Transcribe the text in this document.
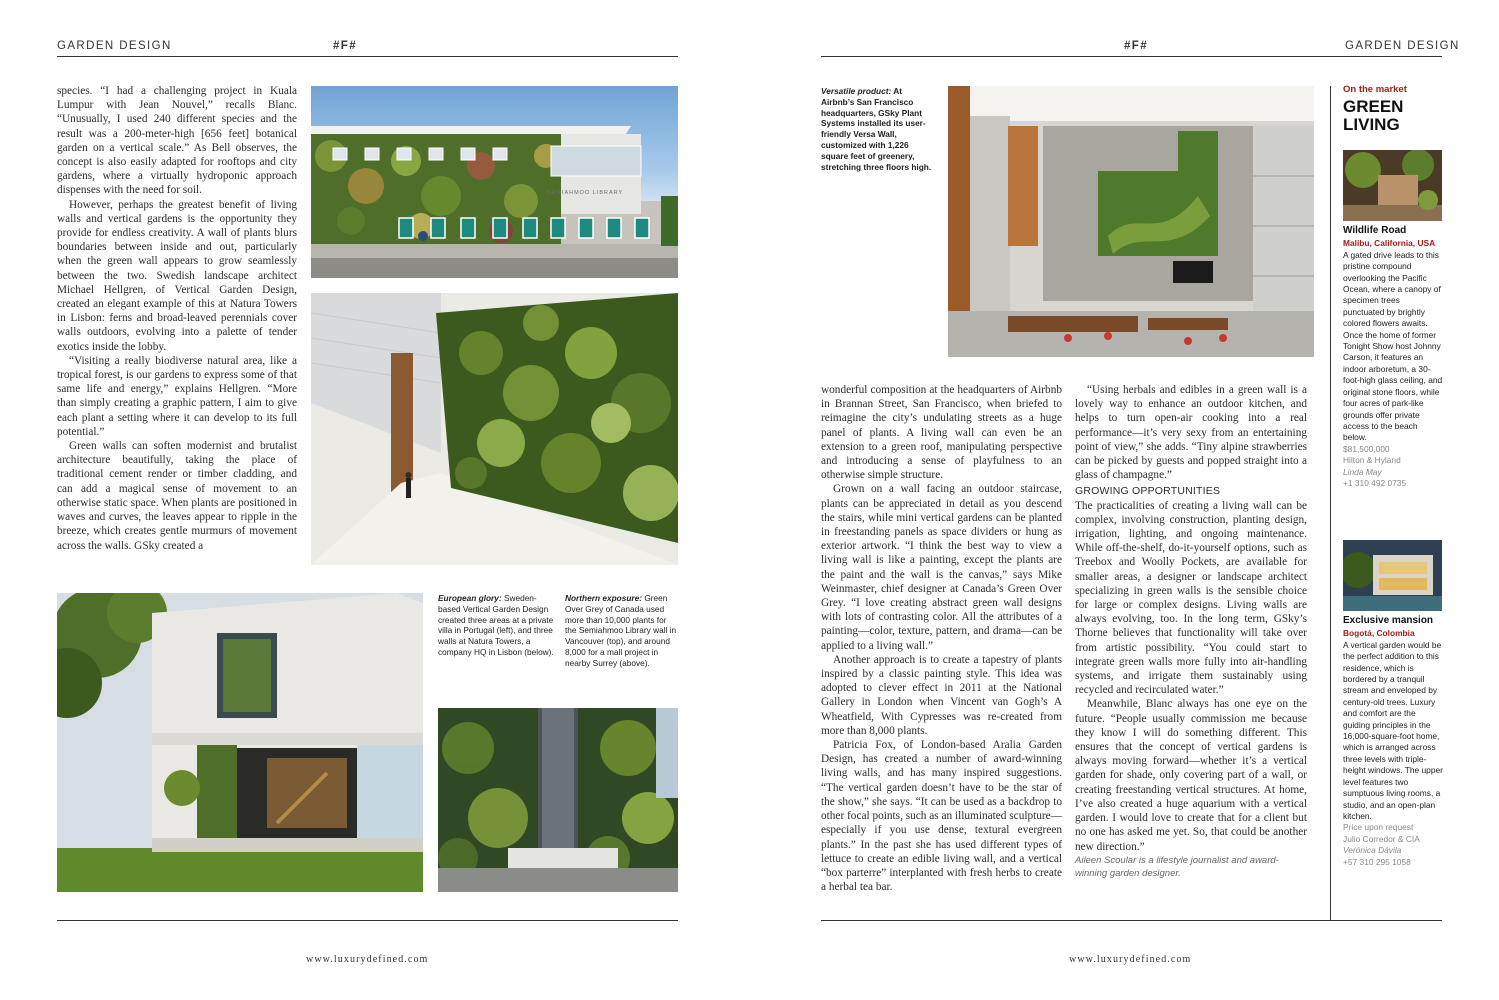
GARDEN DESIGN	#F#	#F#	GARDEN DESIGN

species. “I had a challenging project in Kuala Lumpur with Jean Nouvel,” recalls Blanc. “Unusually, I used 240 different species and the result was a 200-meter-high [656 feet] botanical garden on a vertical scale.” As Bell observes, the concept is also easily adapted for rooftops and city gardens, where a virtually hydroponic approach dispenses with the need for soil.

However, perhaps the greatest benefit of living walls and vertical gardens is the opportunity they provide for endless creativity. A wall of plants blurs boundaries between inside and out, particularly when the green wall appears to grow seamlessly between the two. Swedish landscape architect Michael Hellgren, of Vertical Garden Design, created an elegant example of this at Natura Towers in Lisbon: ferns and broad-leaved perennials cover walls outdoors, evolving into a palette of tender exotics inside the lobby.

“Visiting a really biodiverse natural area, like a tropical forest, is our gardens to express some of that same life and energy,” explains Hellgren. “More than simply creating a graphic pattern, I aim to give each plant a setting where it can develop to its full potential.”

Green walls can soften modernist and brutalist architecture beautifully, taking the place of traditional cement render or timber cladding, and can add a magical sense of movement to an otherwise static space. When plants are positioned in waves and curves, the leaves appear to ripple in the breeze, which creates gentle murmurs of movement across the walls. GSky created a

SEMIAHMOO LIBRARY
European glory: Sweden-based Vertical Garden Design created three areas at a private villa in Portugal (left), and three walls at Natura Towers, a company HQ in Lisbon (below).
Northern exposure: Green Over Grey of Canada used more than 10,000 plants for the Semiahmoo Library wall in Vancouver (top), and around 8,000 for a mall project in nearby Surrey (above).
www.luxurydefined.com
Versatile product: At Airbnb’s San Francisco headquarters, GSky Plant Systems installed its user-friendly Versa Wall, customized with 1,226 square feet of greenery, stretching three floors high.

wonderful composition at the headquarters of Airbnb in Brannan Street, San Francisco, when briefed to reimagine the city’s undulating streets as a huge panel of plants. A living wall can even be an extension to a green roof, manipulating perspective and introducing a sense of playfulness to an otherwise simple structure.

Grown on a wall facing an outdoor staircase, plants can be appreciated in detail as you descend the stairs, while mini vertical gardens can be planted in freestanding panels as space dividers or hung as exterior artwork. “I think the best way to view a living wall is like a painting, except the plants are the paint and the wall is the canvas,” says Mike Weinmaster, chief designer at Canada’s Green Over Grey. “I love creating abstract green wall designs with lots of contrasting color. All the attributes of a painting—color, texture, pattern, and drama—can be applied to a living wall.”

Another approach is to create a tapestry of plants inspired by a classic painting style. This idea was adopted to clever effect in 2011 at the National Gallery in London when Vincent van Gogh’s A Wheatfield, With Cypresses was re-created from more than 8,000 plants.

Patricia Fox, of London-based Aralia Garden Design, has created a number of award-winning living walls, and has many inspired suggestions. “The vertical garden doesn’t have to be the star of the show,” she says. “It can be used as a backdrop to other focal points, such as an illuminated sculpture—especially if you use dense, textural evergreen plants.” In the past she has used different types of lettuce to create an edible living wall, and a vertical “box parterre” interplanted with fresh herbs to create a herbal tea bar.

“Using herbals and edibles in a green wall is a lovely way to enhance an outdoor kitchen, and helps to turn open-air cooking into a real performance—it’s very sexy from an entertaining point of view,” she adds. “Tiny alpine strawberries can be picked by guests and popped straight into a glass of champagne.”

GROWING OPPORTUNITIES

The practicalities of creating a living wall can be complex, involving construction, planting design, irrigation, lighting, and ongoing maintenance. While off-the-shelf, do-it-yourself options, such as Treebox and Woolly Pockets, are available for smaller areas, a designer or landscape architect specializing in green walls is the sensible choice for large or complex designs. Living walls are always evolving, too. In the long term, GSky’s Thorne believes that functionality will take over from artistic possibility. “You could start to integrate green walls more fully into air-handling systems, and irrigate them sustainably using recycled and recirculated water.”

Meanwhile, Blanc always has one eye on the future. “People usually commission me because they know I will do something different. This ensures that the concept of vertical gardens is always moving forward—whether it’s a vertical garden for shade, only covering part of a wall, or creating freestanding vertical structures. At home, I’ve also created a huge aquarium with a vertical garden. I would love to create that for a client but no one has asked me yet. So, that could be another new direction.”

Aileen Scoular is a lifestyle journalist and award-winning garden designer.
On the market
GREEN
LIVING
Wildlife Road
Malibu, California, USA
A gated drive leads to this pristine compound overlooking the Pacific Ocean, where a canopy of specimen trees punctuated by brightly colored flowers awaits. Once the home of former Tonight Show host Johnny Carson, it features an indoor arboretum, a 30-foot-high glass ceiling, and original stone floors, while four acres of park-like grounds offer private access to the beach below.
$81,500,000
Hilton & Hyland
Linda May
+1 310 492 0735
Exclusive mansion
Bogotá, Colombia
A vertical garden would be the perfect addition to this residence, which is bordered by a tranquil stream and enveloped by century-old trees. Luxury and comfort are the guiding principles in the 16,000-square-foot home, which is arranged across three levels with triple-height windows. The upper level features two sumptuous living rooms, a studio, and an open-plan kitchen.
Price upon request
Julio Corredor & CIA
Verónica Dávila
+57 310 295 1058
www.luxurydefined.com
